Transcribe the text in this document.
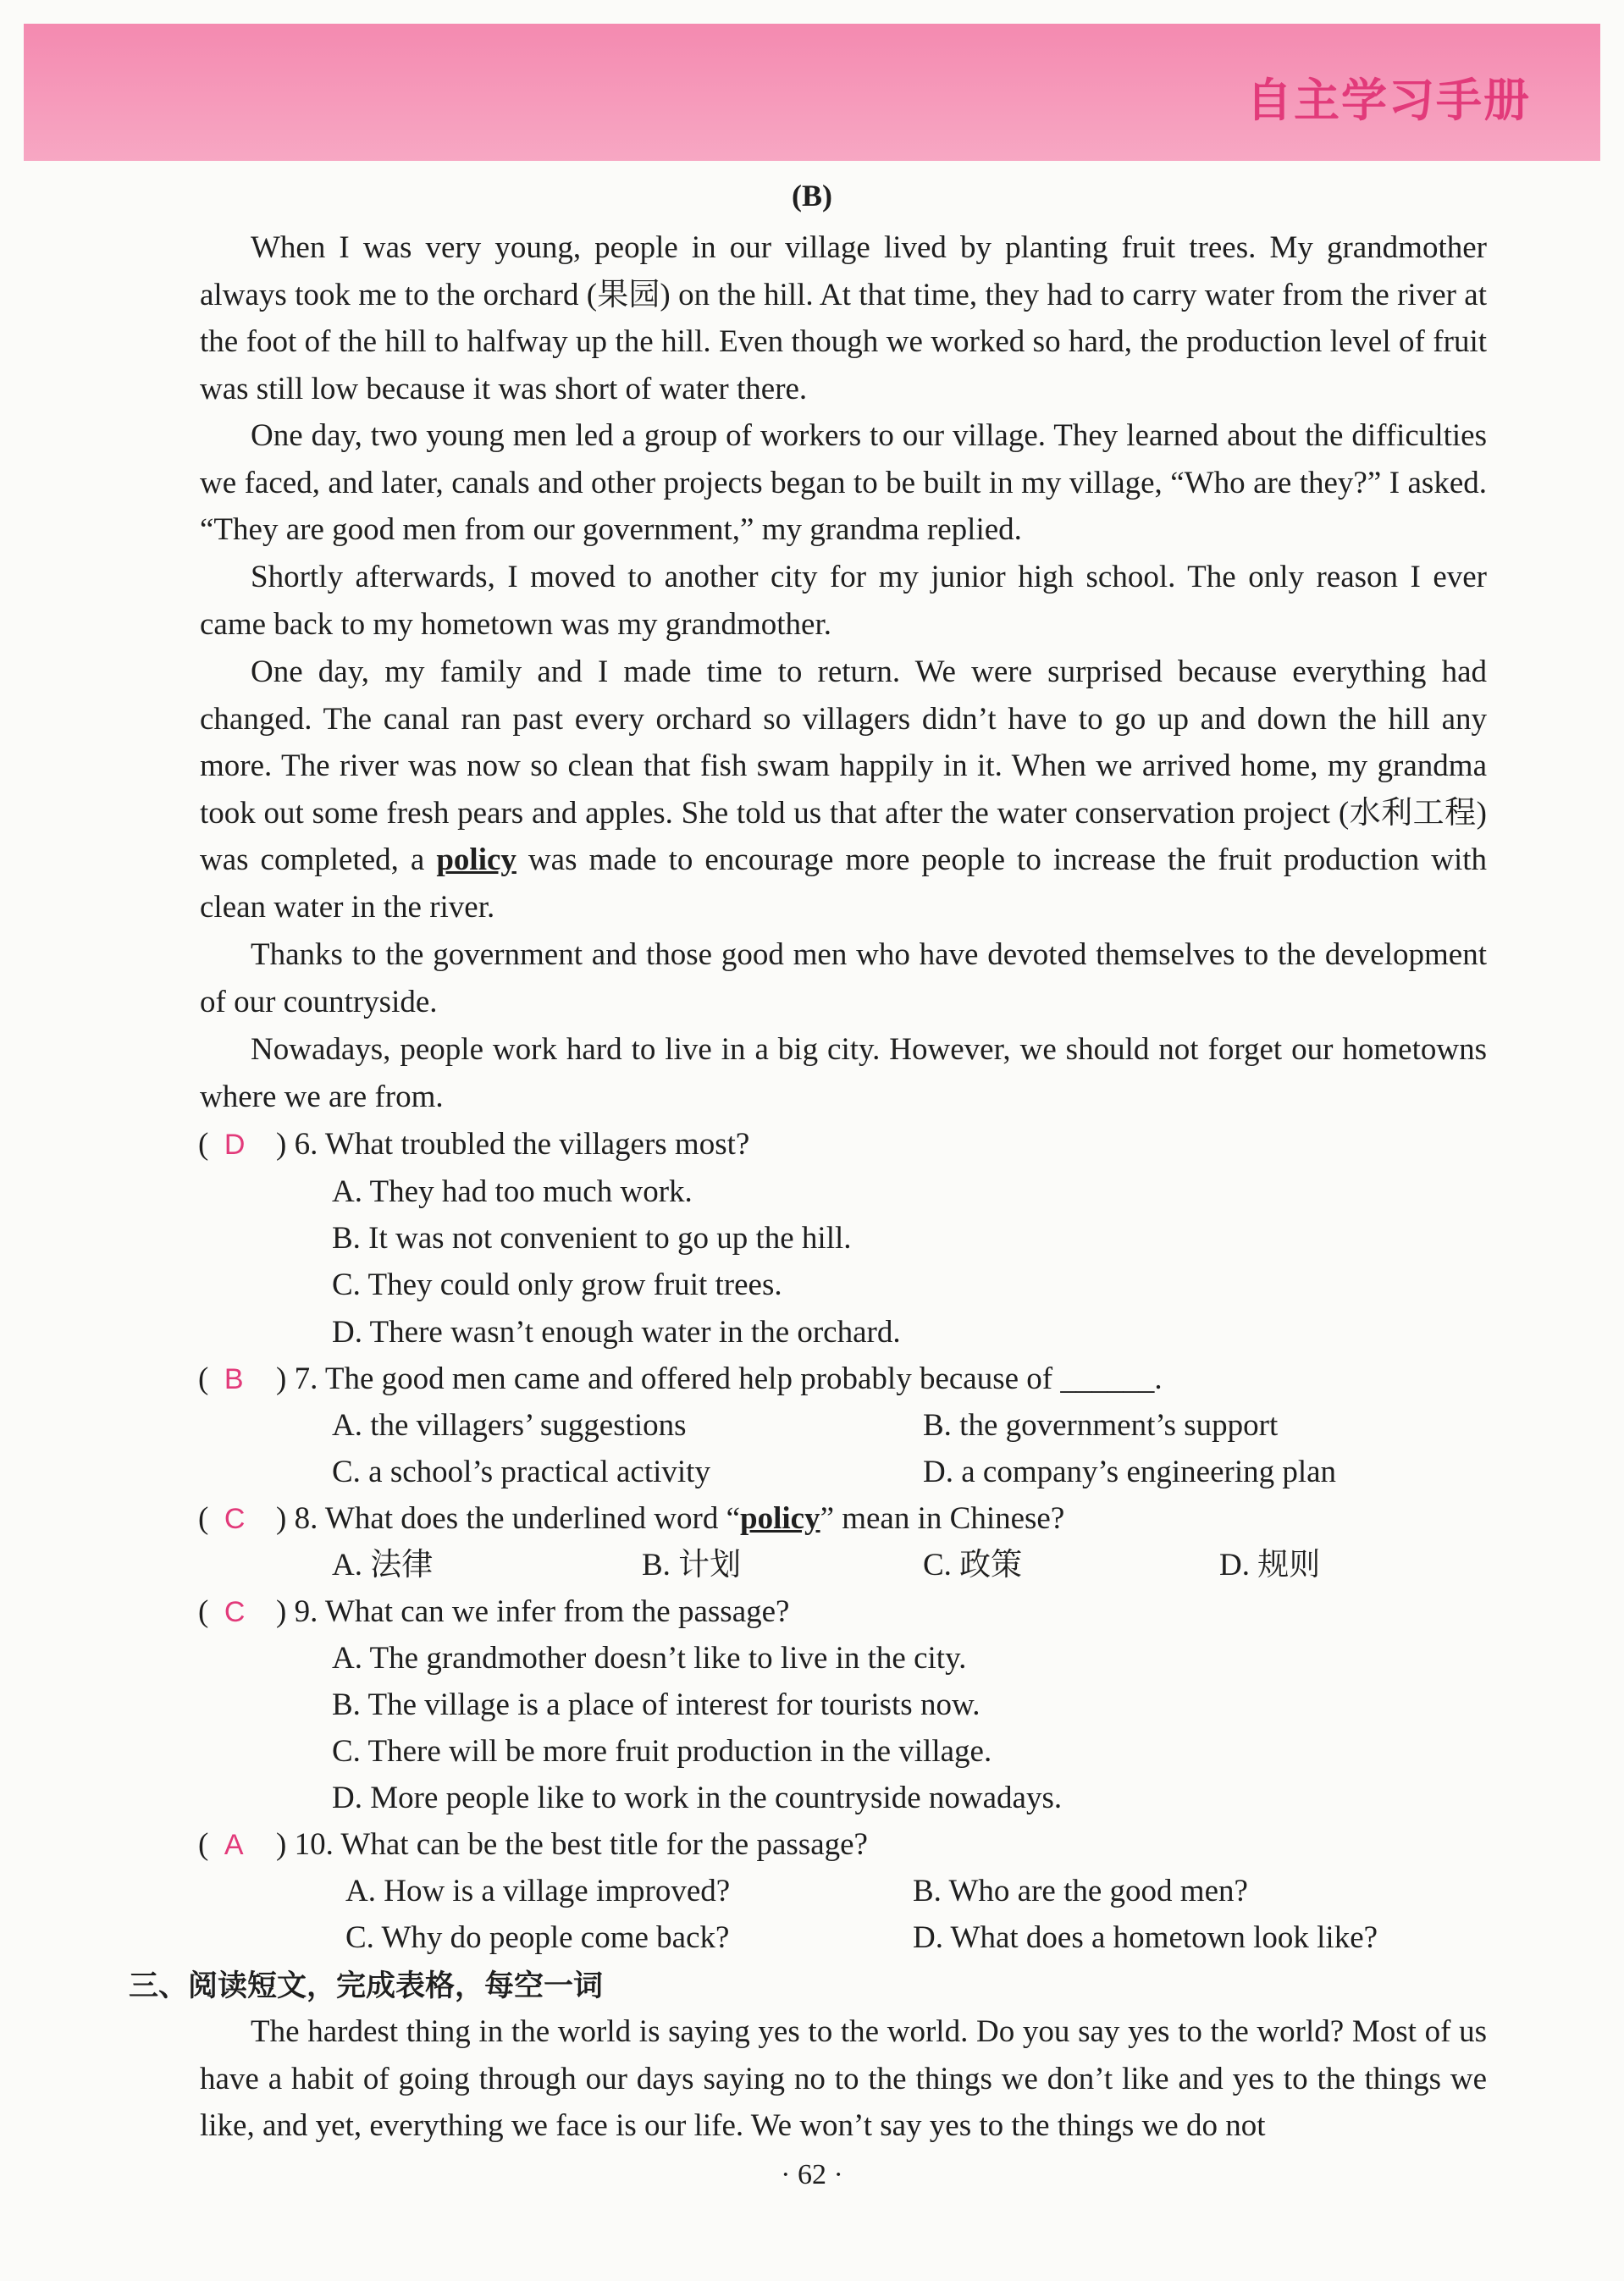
自主学习手册
(B)

When I was very young, people in our village lived by planting fruit trees. My grandmother always took me to the orchard (果园) on the hill. At that time, they had to carry water from the river at the foot of the hill to halfway up the hill. Even though we worked so hard, the production level of fruit was still low because it was short of water there.

One day, two young men led a group of workers to our village. They learned about the difficulties we faced, and later, canals and other projects began to be built in my village, “Who are they?” I asked. “They are good men from our government,” my grandma replied.

Shortly afterwards, I moved to another city for my junior high school. The only reason I ever came back to my hometown was my grandmother.

One day, my family and I made time to return. We were surprised because everything had changed. The canal ran past every orchard so villagers didn’t have to go up and down the hill any more. The river was now so clean that fish swam happily in it. When we arrived home, my grandma took out some fresh pears and apples. She told us that after the water conservation project (水利工程) was completed, a policy was made to encourage more people to increase the fruit production with clean water in the river.

Thanks to the government and those good men who have devoted themselves to the development of our countryside.

Nowadays, people work hard to live in a big city. However, we should not forget our hometowns where we are from.

(  D ) 6. What troubled the villagers most?
A. They had too much work.
B. It was not convenient to go up the hill.
C. They could only grow fruit trees.
D. There wasn’t enough water in the orchard.
(  B ) 7. The good men came and offered help probably because of ______.
A. the villagers’ suggestions	B. the government’s support
C. a school’s practical activity	D. a company’s engineering plan
(  C ) 8. What does the underlined word “policy” mean in Chinese?
A. 法律	B. 计划	C. 政策	D. 规则
(  C ) 9. What can we infer from the passage?
A. The grandmother doesn’t like to live in the city.
B. The village is a place of interest for tourists now.
C. There will be more fruit production in the village.
D. More people like to work in the countryside nowadays.
(  A ) 10. What can be the best title for the passage?
A. How is a village improved?	B. Who are the good men?
C. Why do people come back?	D. What does a hometown look like?
三、阅读短文，完成表格，每空一词

The hardest thing in the world is saying yes to the world. Do you say yes to the world? Most of us have a habit of going through our days saying no to the things we don’t like and yes to the things we like, and yet, everything we face is our life. We won’t say yes to the things we do not

· 62 ·
